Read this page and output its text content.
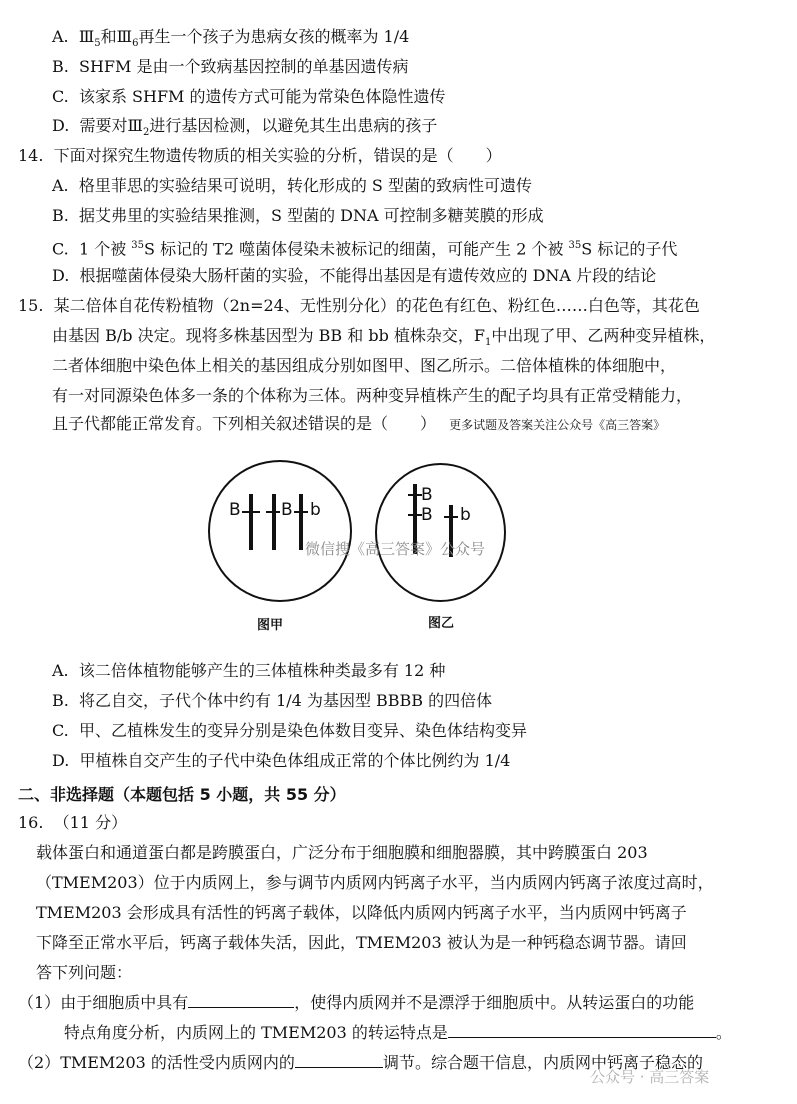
A. $Ⅲ_5$和$Ⅲ_6$再生一个孩子为患病女孩的概率为 1/4
B. SHFM 是由一个致病基因控制的单基因遗传病
C. 该家系 SHFM 的遗传方式可能为常染色体隐性遗传
D. 需要对$Ⅲ_2$进行基因检测，以避免其生出患病的孩子
14. 下面对探究生物遗传物质的相关实验的分析，错误的是（　　）
A. 格里菲思的实验结果可说明，转化形成的 S 型菌的致病性可遗传
B. 据艾弗里的实验结果推测，S 型菌的 DNA 可控制多糖荚膜的形成
C. 1 个被 $^{35}$S 标记的 T2 噬菌体侵染未被标记的细菌，可能产生 2 个被 $^{35}$S 标记的子代
D. 根据噬菌体侵染大肠杆菌的实验，不能得出基因是有遗传效应的 DNA 片段的结论
15. 某二倍体自花传粉植物（2n=24、无性别分化）的花色有红色、粉红色……白色等，其花色
由基因 B/b 决定。现将多株基因型为 BB 和 bb 植株杂交，$F_1$中出现了甲、乙两种变异植株，
二者体细胞中染色体上相关的基因组成分别如图甲、图乙所示。二倍体植株的体细胞中，
有一对同源染色体多一条的个体称为三体。两种变异植株产生的配子均具有正常受精能力，
且子代都能正常发育。下列相关叙述错误的是（　　） 更多试题及答案关注公众号《高三答案》
B B b
图甲
B
B b
图乙
微信搜《高三答案》公众号
A. 该二倍体植物能够产生的三体植株种类最多有 12 种
B. 将乙自交，子代个体中约有 1/4 为基因型 BBBB 的四倍体
C. 甲、乙植株发生的变异分别是染色体数目变异、染色体结构变异
D. 甲植株自交产生的子代中染色体组成正常的个体比例约为 1/4
二、非选择题（本题包括 5 小题，共 55 分）
16. （11 分）
载体蛋白和通道蛋白都是跨膜蛋白，广泛分布于细胞膜和细胞器膜，其中跨膜蛋白 203
（TMEM203）位于内质网上，参与调节内质网内钙离子水平，当内质网内钙离子浓度过高时，
TMEM203 会形成具有活性的钙离子载体，以降低内质网内钙离子水平，当内质网中钙离子
下降至正常水平后，钙离子载体失活，因此，TMEM203 被认为是一种钙稳态调节器。请回
答下列问题：
（1）由于细胞质中具有	，使得内质网并不是漂浮于细胞质中。从转运蛋白的功能
特点角度分析，内质网上的 TMEM203 的转运特点是	。
（2）TMEM203 的活性受内质网内的	调节。综合题干信息，内质网中钙离子稳态的
公众号 · 高三答案
